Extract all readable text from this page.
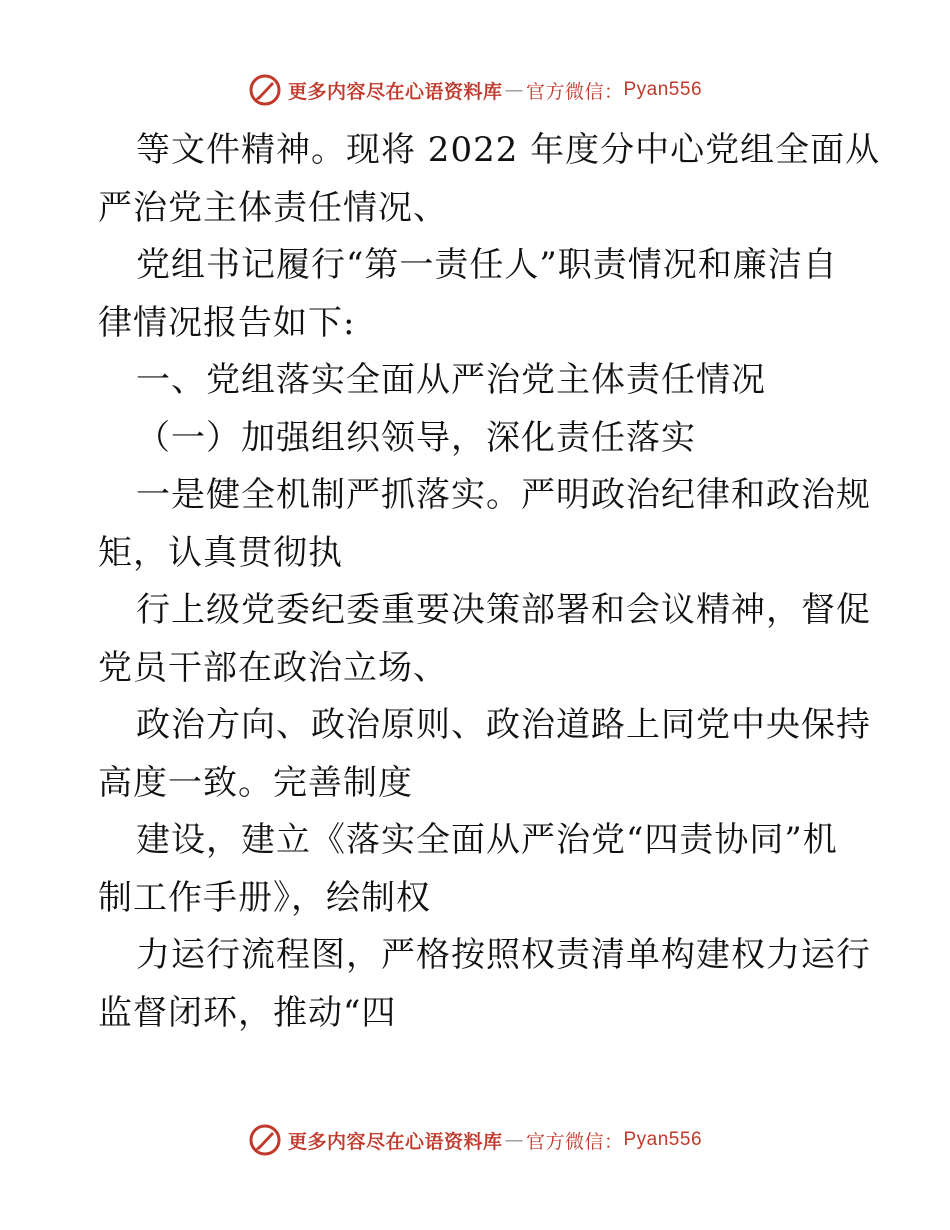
更多内容尽在心语资料库 — 官方微信： Pyan556
等文件精神。现将 2022 年度分中心党组全面从
严治党主体责任情况、
党组书记履行“第一责任人”职责情况和廉洁自
律情况报告如下:
一、党组落实全面从严治党主体责任情况
（一）加强组织领导，深化责任落实
一是健全机制严抓落实。严明政治纪律和政治规
矩，认真贯彻执
行上级党委纪委重要决策部署和会议精神，督促
党员干部在政治立场、
政治方向、政治原则、政治道路上同党中央保持
高度一致。完善制度
建设，建立《落实全面从严治党“四责协同”机
制工作手册》，绘制权
力运行流程图，严格按照权责清单构建权力运行
监督闭环，推动“四
更多内容尽在心语资料库 — 官方微信： Pyan556
